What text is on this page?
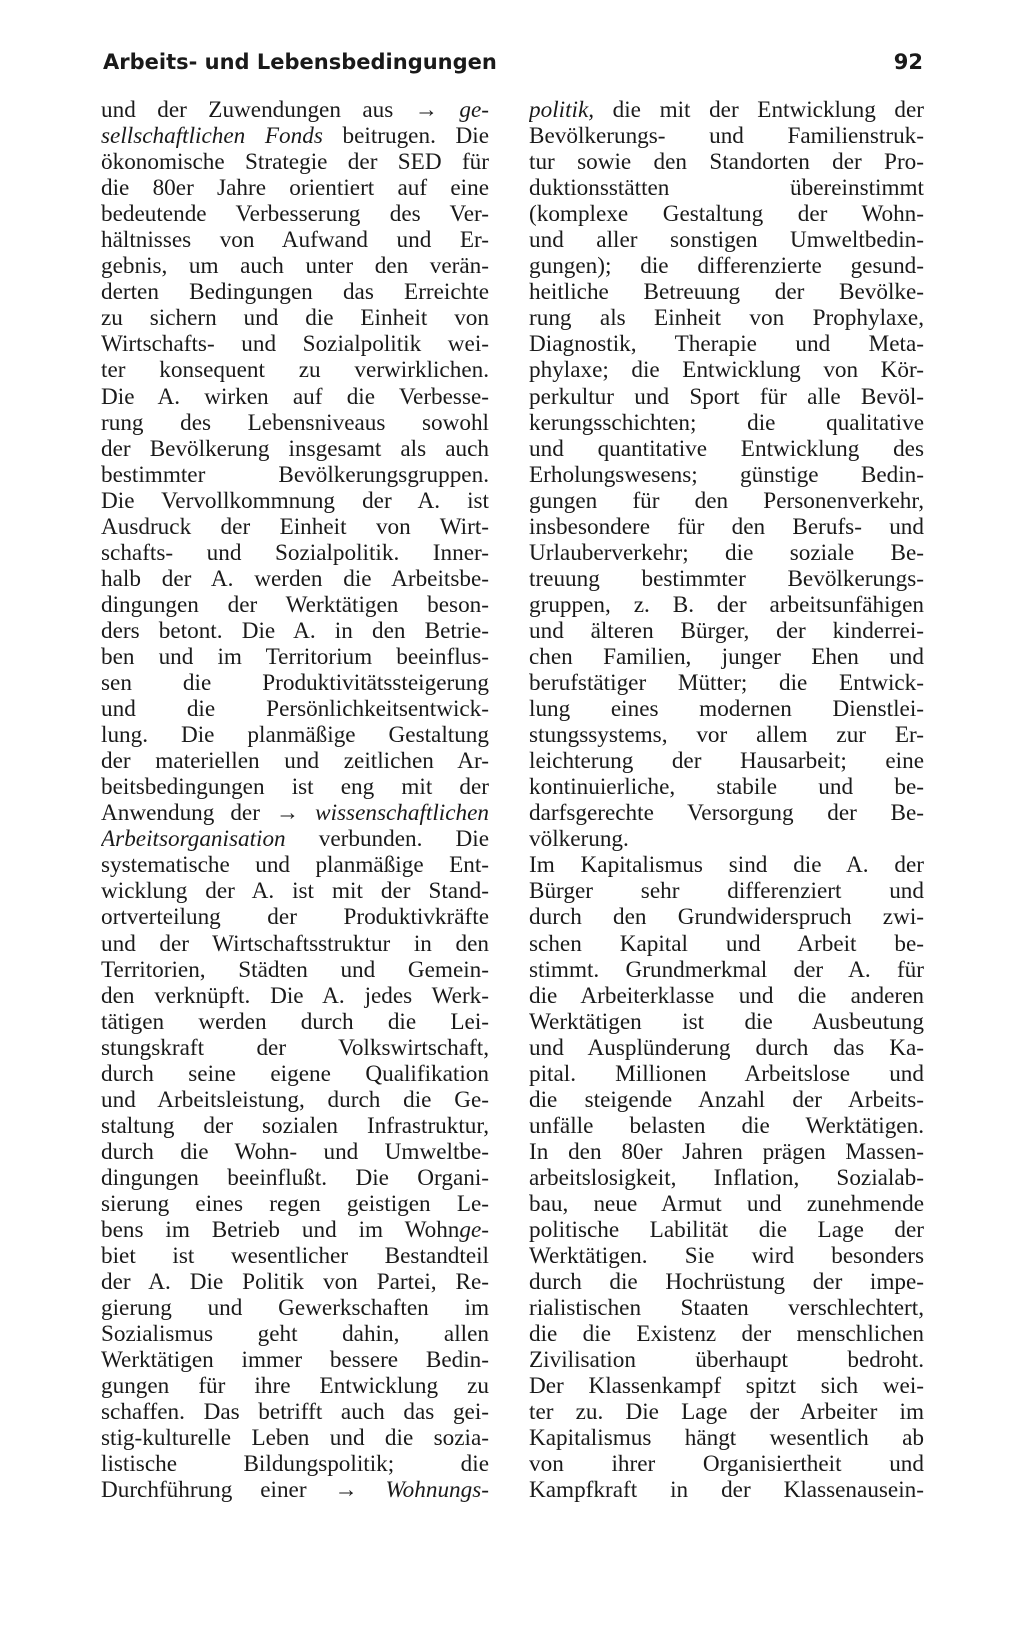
Arbeits- und Lebensbedingungen	92
und der Zuwendungen aus → ge-
sellschaftlichen Fonds beitrugen. Die
ökonomische Strategie der SED für
die 80er Jahre orientiert auf eine
bedeutende Verbesserung des Ver-
hältnisses von Aufwand und Er-
gebnis, um auch unter den verän-
derten Bedingungen das Erreichte
zu sichern und die Einheit von
Wirtschafts- und Sozialpolitik wei-
ter konsequent zu verwirklichen.
Die A. wirken auf die Verbesse-
rung des Lebensniveaus sowohl
der Bevölkerung insgesamt als auch
bestimmter Bevölkerungsgruppen.
Die Vervollkommnung der A. ist
Ausdruck der Einheit von Wirt-
schafts- und Sozialpolitik. Inner-
halb der A. werden die Arbeitsbe-
dingungen der Werktätigen beson-
ders betont. Die A. in den Betrie-
ben und im Territorium beeinflus-
sen die Produktivitätssteigerung
und die Persönlichkeitsentwick-
lung. Die planmäßige Gestaltung
der materiellen und zeitlichen Ar-
beitsbedingungen ist eng mit der
Anwendung der → wissenschaftlichen
Arbeitsorganisation verbunden. Die
systematische und planmäßige Ent-
wicklung der A. ist mit der Stand-
ortverteilung der Produktivkräfte
und der Wirtschaftsstruktur in den
Territorien, Städten und Gemein-
den verknüpft. Die A. jedes Werk-
tätigen werden durch die Lei-
stungskraft der Volkswirtschaft,
durch seine eigene Qualifikation
und Arbeitsleistung, durch die Ge-
staltung der sozialen Infrastruktur,
durch die Wohn- und Umweltbe-
dingungen beeinflußt. Die Organi-
sierung eines regen geistigen Le-
bens im Betrieb und im Wohnge-
biet ist wesentlicher Bestandteil
der A. Die Politik von Partei, Re-
gierung und Gewerkschaften im
Sozialismus geht dahin, allen
Werktätigen immer bessere Bedin-
gungen für ihre Entwicklung zu
schaffen. Das betrifft auch das gei-
stig-kulturelle Leben und die sozia-
listische Bildungspolitik; die
Durchführung einer → Wohnungs-
politik, die mit der Entwicklung der
Bevölkerungs- und Familienstruk-
tur sowie den Standorten der Pro-
duktionsstätten übereinstimmt
(komplexe Gestaltung der Wohn-
und aller sonstigen Umweltbedin-
gungen); die differenzierte gesund-
heitliche Betreuung der Bevölke-
rung als Einheit von Prophylaxe,
Diagnostik, Therapie und Meta-
phylaxe; die Entwicklung von Kör-
perkultur und Sport für alle Bevöl-
kerungsschichten; die qualitative
und quantitative Entwicklung des
Erholungswesens; günstige Bedin-
gungen für den Personenverkehr,
insbesondere für den Berufs- und
Urlauberverkehr; die soziale Be-
treuung bestimmter Bevölkerungs-
gruppen, z. B. der arbeitsunfähigen
und älteren Bürger, der kinderrei-
chen Familien, junger Ehen und
berufstätiger Mütter; die Entwick-
lung eines modernen Dienstlei-
stungssystems, vor allem zur Er-
leichterung der Hausarbeit; eine
kontinuierliche, stabile und be-
darfsgerechte Versorgung der Be-
völkerung.
Im Kapitalismus sind die A. der
Bürger sehr differenziert und
durch den Grundwiderspruch zwi-
schen Kapital und Arbeit be-
stimmt. Grundmerkmal der A. für
die Arbeiterklasse und die anderen
Werktätigen ist die Ausbeutung
und Ausplünderung durch das Ka-
pital. Millionen Arbeitslose und
die steigende Anzahl der Arbeits-
unfälle belasten die Werktätigen.
In den 80er Jahren prägen Massen-
arbeitslosigkeit, Inflation, Sozialab-
bau, neue Armut und zunehmende
politische Labilität die Lage der
Werktätigen. Sie wird besonders
durch die Hochrüstung der impe-
rialistischen Staaten verschlechtert,
die die Existenz der menschlichen
Zivilisation überhaupt bedroht.
Der Klassenkampf spitzt sich wei-
ter zu. Die Lage der Arbeiter im
Kapitalismus hängt wesentlich ab
von ihrer Organisiertheit und
Kampfkraft in der Klassenausein-
